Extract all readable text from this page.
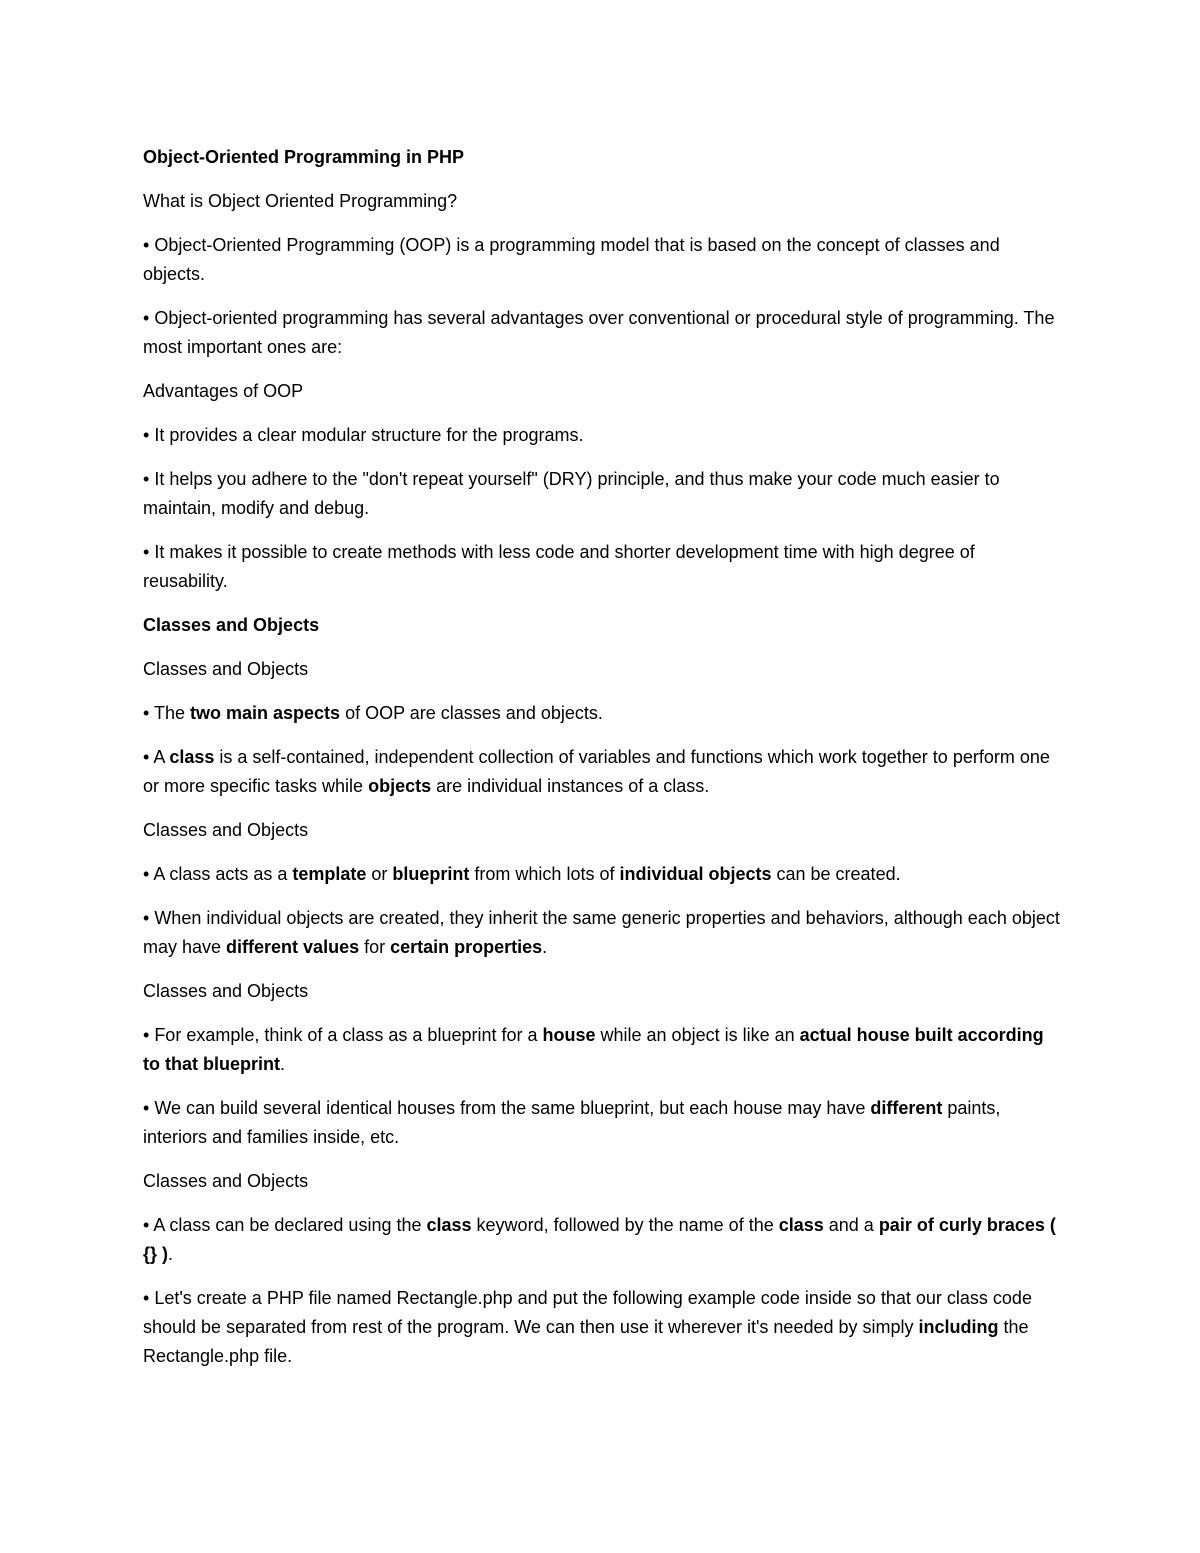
Object-Oriented Programming in PHP

What is Object Oriented Programming?

• Object-Oriented Programming (OOP) is a programming model that is based on the concept of classes and objects.

• Object-oriented programming has several advantages over conventional or procedural style of programming. The most important ones are:

Advantages of OOP

• It provides a clear modular structure for the programs.

• It helps you adhere to the "don't repeat yourself" (DRY) principle, and thus make your code much easier to maintain, modify and debug.

• It makes it possible to create methods with less code and shorter development time with high degree of reusability.

Classes and Objects

Classes and Objects

• The two main aspects of OOP are classes and objects.

• A class is a self-contained, independent collection of variables and functions which work together to perform one or more specific tasks while objects are individual instances of a class.

Classes and Objects

• A class acts as a template or blueprint from which lots of individual objects can be created.

• When individual objects are created, they inherit the same generic properties and behaviors, although each object may have different values for certain properties.

Classes and Objects

• For example, think of a class as a blueprint for a house while an object is like an actual house built according to that blueprint.

• We can build several identical houses from the same blueprint, but each house may have different paints, interiors and families inside, etc.

Classes and Objects

• A class can be declared using the class keyword, followed by the name of the class and a pair of curly braces ( {} ).

• Let's create a PHP file named Rectangle.php and put the following example code inside so that our class code should be separated from rest of the program. We can then use it wherever it's needed by simply including the Rectangle.php file.
